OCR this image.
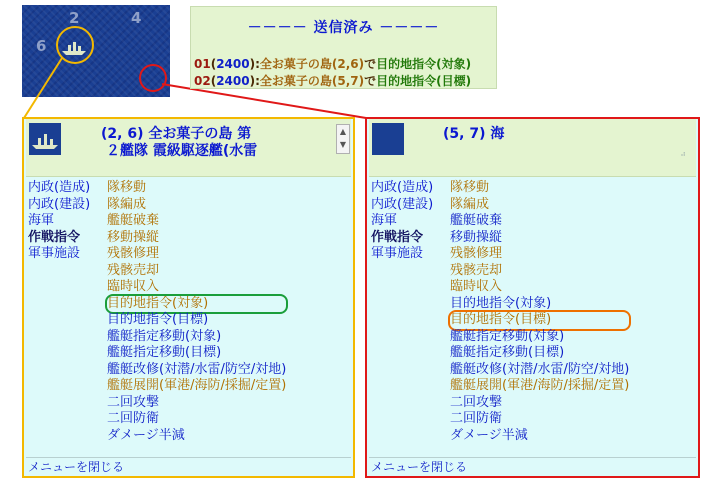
2	4
6
－－－－ 送信済み －－－－
01(2400):全お菓子の島(2,6)で目的地指令(対象)
02(2400):全お菓子の島(5,7)で目的地指令(目標)
(2, 6) 全お菓子の島 第
２艦隊 霞級駆逐艦(水雷
▲
▼
内政(造成)
内政(建設)
海軍
作戦指令
軍事施設
隊移動
隊編成
艦艇破棄
移動操縦
残骸修理
残骸売却
臨時収入
目的地指令(対象)
目的地指令(目標)
艦艇指定移動(対象)
艦艇指定移動(目標)
艦艇改修(対潜/水雷/防空/対地)
艦艇展開(軍港/海防/採掘/定置)
二回攻撃
二回防衛
ダメージ半減
メニューを閉じる
(5, 7) 海
⣠
内政(造成)
内政(建設)
海軍
作戦指令
軍事施設
隊移動
隊編成
艦艇破棄
移動操縦
残骸修理
残骸売却
臨時収入
目的地指令(対象)
目的地指令(目標)
艦艇指定移動(対象)
艦艇指定移動(目標)
艦艇改修(対潜/水雷/防空/対地)
艦艇展開(軍港/海防/採掘/定置)
二回攻撃
二回防衛
ダメージ半減
メニューを閉じる
